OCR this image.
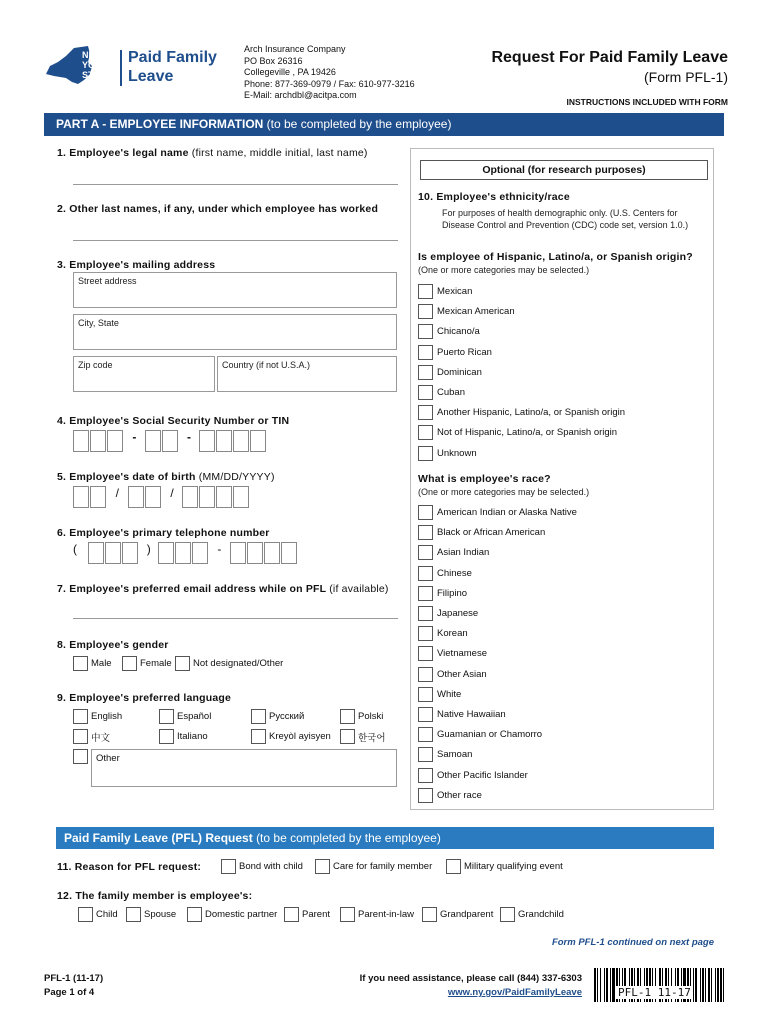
NEW
YORK
STATE
Paid Family
Leave
Arch Insurance Company
PO Box 26316
Collegeville , PA 19426
Phone: 877-369-0979 / Fax: 610-977-3216
E-Mail: archdbl@acitpa.com
Request For Paid Family Leave
(Form PFL-1)
INSTRUCTIONS INCLUDED WITH FORM
PART A - EMPLOYEE INFORMATION (to be completed by the employee)
1. Employee's legal name (first name, middle initial, last name)
2. Other last names, if any, under which employee has worked
3. Employee's mailing address
Street address
City, State
Zip code	Country (if not U.S.A.)
4. Employee's Social Security Number or TIN
-	-
5. Employee's date of birth (MM/DD/YYYY)
/	/
6. Employee's primary telephone number
(	)	-
7. Employee's preferred email address while on PFL (if available)
8. Employee's gender
Male	Female	Not designated/Other
9. Employee's preferred language
English	Español	Русский	Polski
中文	Italiano	Kreyòl ayisyen	한국어
Other
Optional (for research purposes)
10. Employee's ethnicity/race
For purposes of health demographic only. (U.S. Centers for
Disease Control and Prevention (CDC) code set, version 1.0.)
Is employee of Hispanic, Latino/a, or Spanish origin?
(One or more categories may be selected.)
Mexican
Mexican American
Chicano/a
Puerto Rican
Dominican
Cuban
Another Hispanic, Latino/a, or Spanish origin
Not of Hispanic, Latino/a, or Spanish origin
Unknown
What is employee's race?
(One or more categories may be selected.)
American Indian or Alaska Native
Black or African American
Asian Indian
Chinese
Filipino
Japanese
Korean
Vietnamese
Other Asian
White
Native Hawaiian
Guamanian or Chamorro
Samoan
Other Pacific Islander
Other race
Paid Family Leave (PFL) Request (to be completed by the employee)
11. Reason for PFL request:	Bond with child	Care for family member	Military qualifying event
12. The family member is employee's:
Child	Spouse	Domestic partner	Parent	Parent-in-law	Grandparent	Grandchild
Form PFL-1 continued on next page
PFL-1 (11-17)
Page 1 of 4
If you need assistance, please call (844) 337-6303
www.ny.gov/PaidFamilyLeave	PFL-1 11-17
